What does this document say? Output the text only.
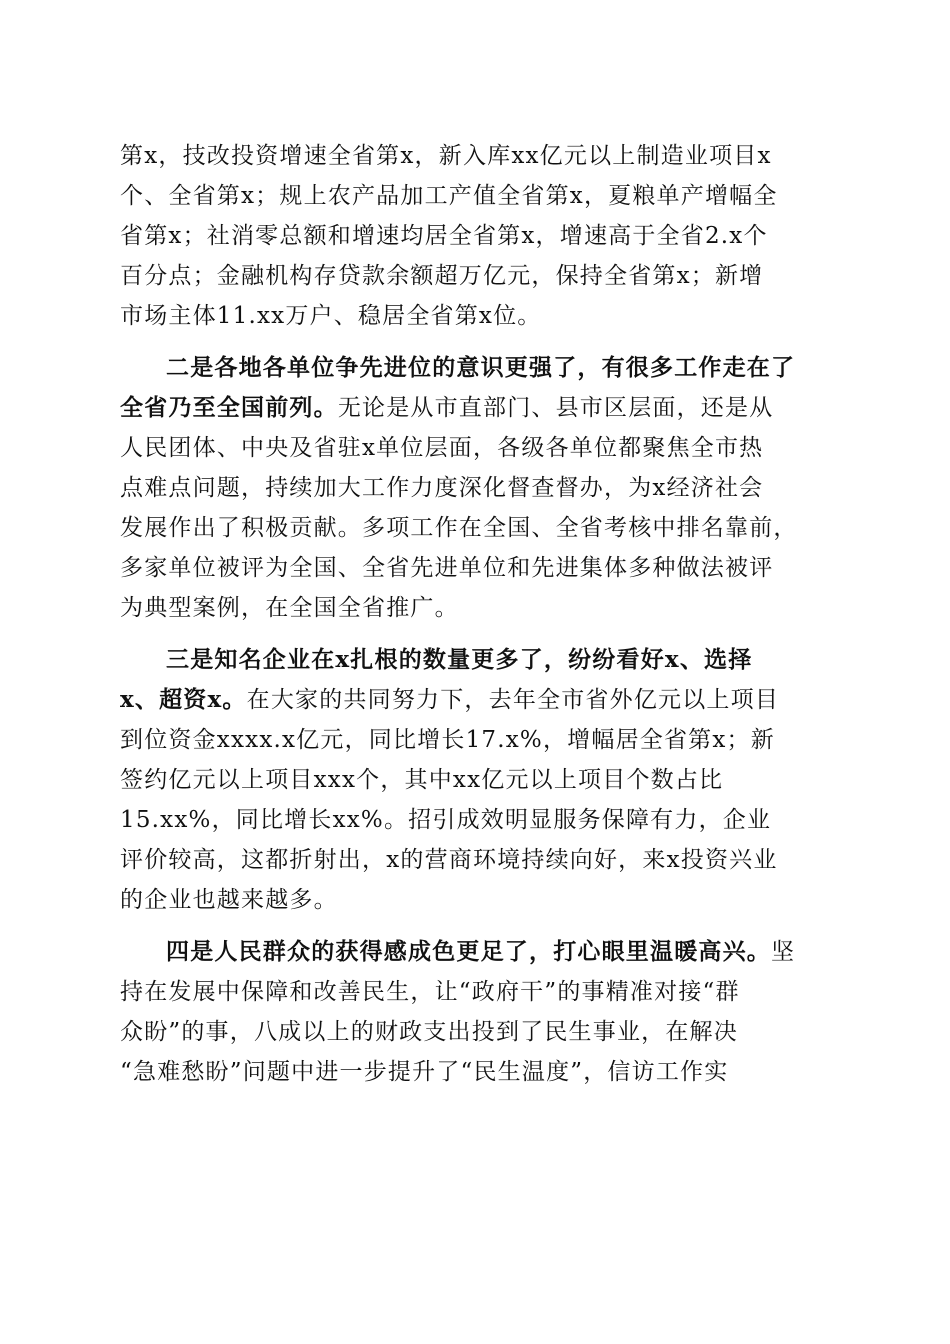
第x，技改投资增速全省第x，新入库xx亿元以上制造业项目x
个、全省第x；规上农产品加工产值全省第x，夏粮单产增幅全
省第x；社消零总额和增速均居全省第x，增速高于全省2.x个
百分点；金融机构存贷款余额超万亿元，保持全省第x；新增
市场主体11.xx万户、稳居全省第x位。
二是各地各单位争先进位的意识更强了，有很多工作走在了
全省乃至全国前列。无论是从市直部门、县市区层面，还是从
人民团体、中央及省驻x单位层面，各级各单位都聚焦全市热
点难点问题，持续加大工作力度深化督查督办，为x经济社会
发展作出了积极贡献。多项工作在全国、全省考核中排名靠前，
多家单位被评为全国、全省先进单位和先进集体多种做法被评
为典型案例，在全国全省推广。
三是知名企业在x扎根的数量更多了，纷纷看好x、选择
x、超资x。在大家的共同努力下，去年全市省外亿元以上项目
到位资金xxxx.x亿元，同比增长17.x%，增幅居全省第x；新
签约亿元以上项目xxx个，其中xx亿元以上项目个数占比
15.xx%，同比增长xx%。招引成效明显服务保障有力，企业
评价较高，这都折射出，x的营商环境持续向好，来x投资兴业
的企业也越来越多。
四是人民群众的获得感成色更足了，打心眼里温暖高兴。坚
持在发展中保障和改善民生，让“政府干”的事精准对接“群
众盼”的事，八成以上的财政支出投到了民生事业，在解决
“急难愁盼”问题中进一步提升了“民生温度”，信访工作实
